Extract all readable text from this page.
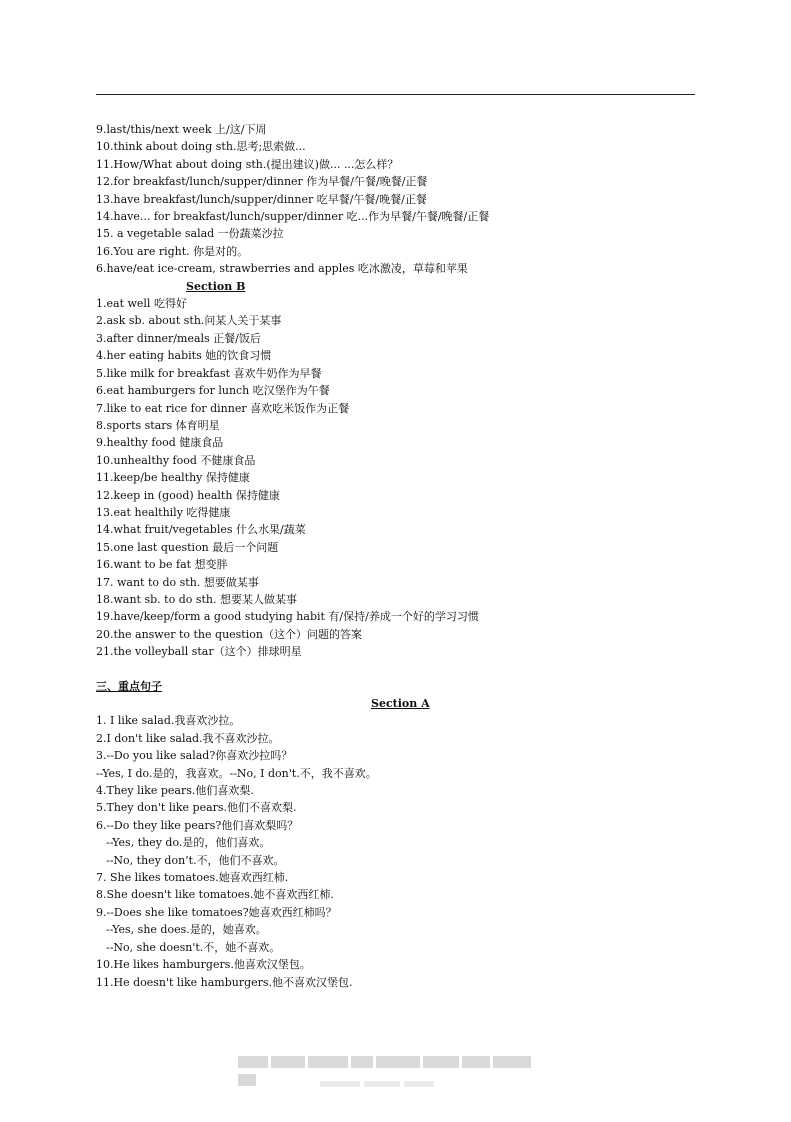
9.last/this/next week 上/这/下周
10.think about doing sth.思考;思索做...
11.How/What about doing sth.(提出建议)做... ...怎么样？
12.for breakfast/lunch/supper/dinner 作为早餐/午餐/晚餐/正餐
13.have breakfast/lunch/supper/dinner 吃早餐/午餐/晚餐/正餐
14.have... for breakfast/lunch/supper/dinner 吃...作为早餐/午餐/晚餐/正餐
15. a vegetable salad 一份蔬菜沙拉
16.You are right. 你是对的。
6.have/eat ice-cream, strawberries and apples 吃冰激凌，草莓和苹果
Section B
1.eat well 吃得好
2.ask sb. about sth.问某人关于某事
3.after dinner/meals 正餐/饭后
4.her eating habits 她的饮食习惯
5.like milk for breakfast 喜欢牛奶作为早餐
6.eat hamburgers for lunch 吃汉堡作为午餐
7.like to eat rice for dinner 喜欢吃米饭作为正餐
8.sports stars 体育明星
9.healthy food 健康食品
10.unhealthy food 不健康食品
11.keep/be healthy 保持健康
12.keep in (good) health 保持健康
13.eat healthily 吃得健康
14.what fruit/vegetables 什么水果/蔬菜
15.one last question 最后一个问题
16.want to be fat 想变胖
17. want to do sth. 想要做某事
18.want sb. to do sth. 想要某人做某事
19.have/keep/form a good studying habit 有/保持/养成一个好的学习习惯
20.the answer to the question（这个）问题的答案
21.the volleyball star（这个）排球明星
三、重点句子
Section A
1. I like salad.我喜欢沙拉。
2.I don't like salad.我不喜欢沙拉。
3.--Do you like salad?你喜欢沙拉吗？
--Yes, I do.是的，我喜欢。--No, I don't.不，我不喜欢。
4.They like pears.他们喜欢梨.
5.They don't like pears.他们不喜欢梨.
6.--Do they like pears?他们喜欢梨吗？
--Yes, they do.是的，他们喜欢。
--No, they don’t.不，他们不喜欢。
7. She likes tomatoes.她喜欢西红柿.
8.She doesn't like tomatoes.她不喜欢西红柿.
9.--Does she like tomatoes?她喜欢西红柿吗？
--Yes, she does.是的，她喜欢。
--No, she doesn't.不，她不喜欢。
10.He likes hamburgers.他喜欢汉堡包。
11.He doesn't like hamburgers.他不喜欢汉堡包.
